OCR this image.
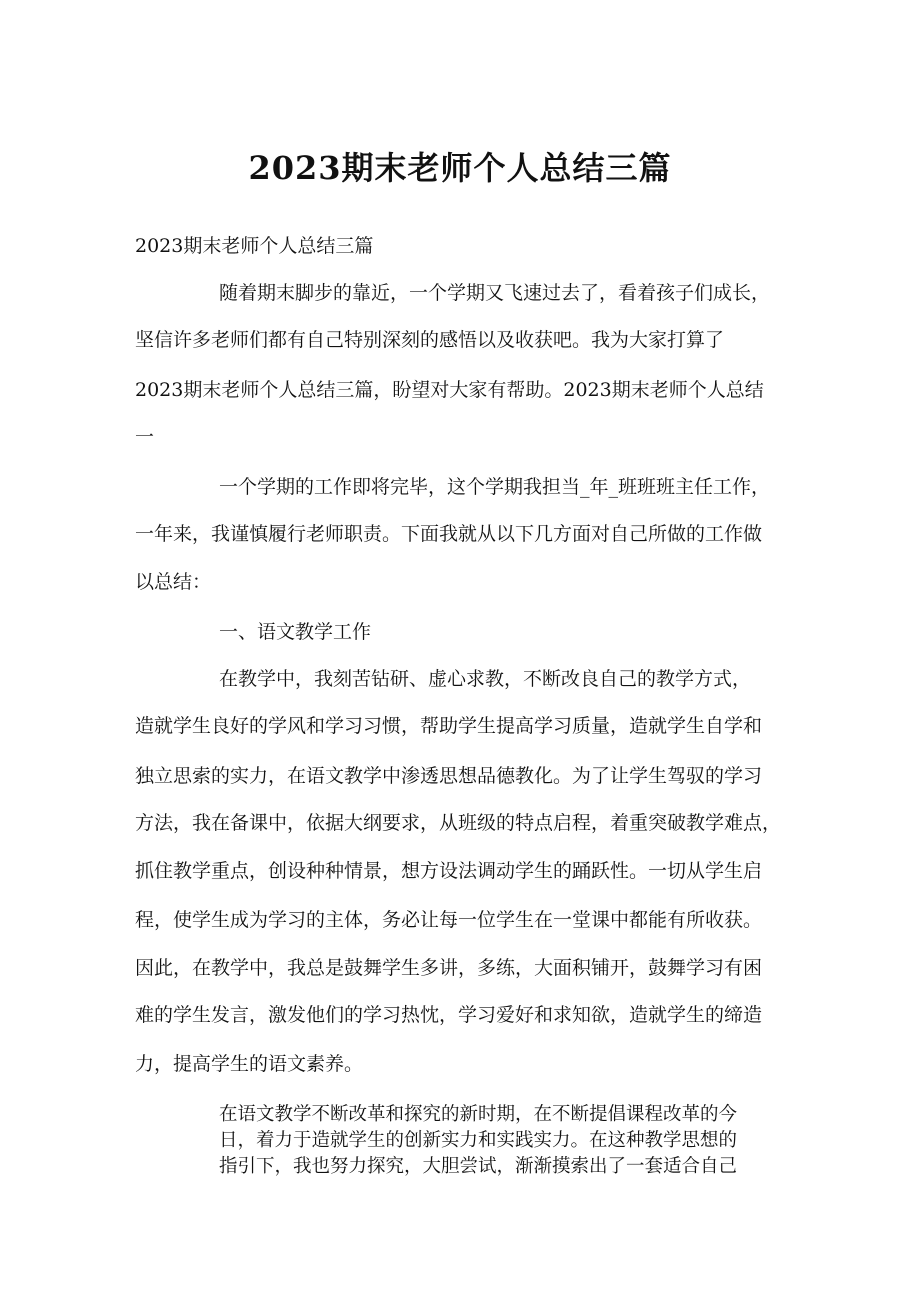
2023期末老师个人总结三篇

2023期末老师个人总结三篇

随着期末脚步的靠近，一个学期又飞速过去了，看着孩子们成长，

坚信许多老师们都有自己特别深刻的感悟以及收获吧。我为大家打算了

2023期末老师个人总结三篇，盼望对大家有帮助。2023期末老师个人总结

一

一个学期的工作即将完毕，这个学期我担当_年_班班班主任工作，

一年来，我谨慎履行老师职责。下面我就从以下几方面对自己所做的工作做

以总结：

一、语文教学工作

在教学中，我刻苦钻研、虚心求教，不断改良自己的教学方式，

造就学生良好的学风和学习习惯，帮助学生提高学习质量，造就学生自学和

独立思索的实力，在语文教学中渗透思想品德教化。为了让学生驾驭的学习

方法，我在备课中，依据大纲要求，从班级的特点启程，着重突破教学难点，

抓住教学重点，创设种种情景，想方设法调动学生的踊跃性。一切从学生启

程，使学生成为学习的主体，务必让每一位学生在一堂课中都能有所收获。

因此，在教学中，我总是鼓舞学生多讲，多练，大面积铺开，鼓舞学习有困

难的学生发言，激发他们的学习热忱，学习爱好和求知欲，造就学生的缔造

力，提高学生的语文素养。

在语文教学不断改革和探究的新时期，在不断提倡课程改革的今

日，着力于造就学生的创新实力和实践实力。在这种教学思想的

指引下，我也努力探究，大胆尝试，渐渐摸索出了一套适合自己
